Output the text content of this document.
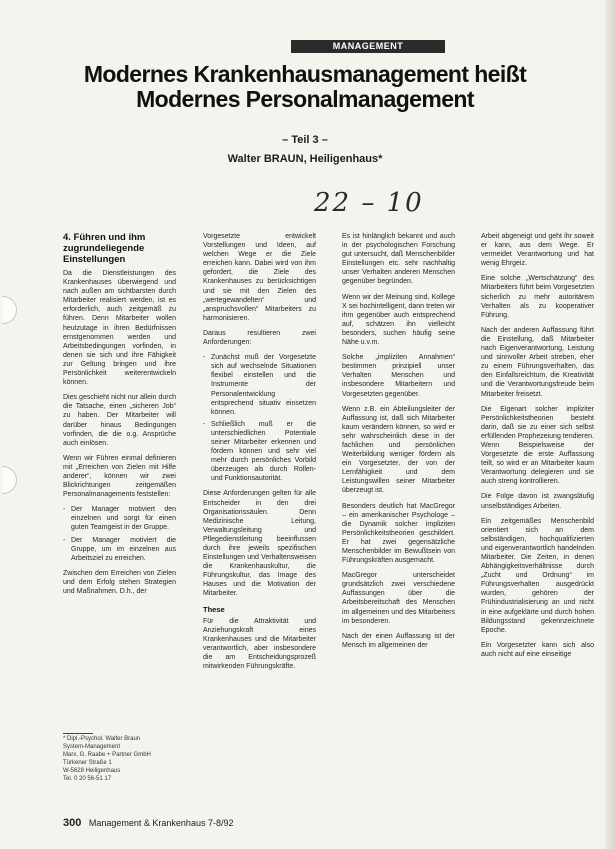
MANAGEMENT
Modernes Krankenhausmanagement heißt
Modernes Personalmanagement
– Teil 3 –
Walter BRAUN, Heiligenhaus*
22 – 10
4. Führen und ihm zugrundeliegende Einstellungen

Da die Dienstleistungen des Krankenhauses überwiegend und nach außen am sichtbarsten durch Mitarbeiter realisiert werden, ist es erforderlich, auch zeitgemäß zu führen. Denn Mitarbeiter wollen heutzutage in ihren Bedürfnissen ernstgenommen werden und Arbeitsbedingungen vorfinden, in denen sie sich und ihre Fähigkeit zur Geltung bringen und ihre Persönlichkeit weiterentwickeln können.

Dies geschieht nicht nur allein durch die Tatsache, einen „sicheren Job“ zu haben. Der Mitarbeiter will darüber hinaus Bedingungen vorfinden, die die o.g. Ansprüche auch einlösen.

Wenn wir Führen einmal definieren mit „Erreichen von Zielen mit Hilfe anderer“, können wir zwei Blickrichtungen zeitgemäßen Personalmanagements feststellen:

- Der Manager motiviert den einzelnen und sorgt für einen guten Teamgeist in der Gruppe.
- Der Manager motiviert die Gruppe, um im einzelnen aus Arbeitsziel zu erreichen.

Zwischen dem Erreichen von Zielen und dem Erfolg stehen Strategien und Maßnahmen. D.h., der

Vorgesetzte entwickelt Vorstellungen und Ideen, auf welchen Wege er die Ziele erreichen kann. Dabei wird von ihm gefordert, die Ziele des Krankenhauses zu berücksichtigen und sie mit den Zielen des „wertegewandelten“ und „anspruchsvollen“ Mitarbeiters zu harmonisieren.

Daraus resultieren zwei Anforderungen:

- Zunächst muß der Vorgesetzte sich auf wechselnde Situationen flexibel einstellen und die Instrumente der Personalentwicklung entsprechend situativ einsetzen können.
- Schließlich muß er die unterschiedlichen Potentiale seiner Mitarbeiter erkennen und fördern können und sehr viel mehr durch persönliches Vorbild überzeugen als durch Rollen- und Funktionsautorität.

Diese Anforderungen gelten für alle Entscheider in den drei Organisationssäulen. Denn Medizinische Leitung, Verwaltungsleitung und Pflegedienstleitung beeinflussen durch ihre jeweils spezifischen Einstellungen und Verhaltensweisen die Krankenhauskultur, die Führungskultur, das Image des Hauses und die Motivation der Mitarbeiter.

These

Für die Attraktivität und Anziehungskraft eines Krankenhauses und die Mitarbeiter verantwortlich, aber insbesondere die am Entscheidungsprozeß mitwirkenden Führungskräfte.

Es ist hinlänglich bekannt und auch in der psychologischen Forschung gut untersucht, daß Menschenbilder Einstellungen etc. sehr nachhaltig unser Verhalten anderen Menschen gegenüber begründen.

Wenn wir der Meinung sind, Kollege X sei hochintelligent, dann treten wir ihm gegenüber auch entsprechend auf, schätzen ihn vielleicht besonders, suchen häufig seine Nähe u.v.m.

Solche „impliziten Annahmen“ bestimmen prinzipiell unser Verhalten Menschen und insbesondere Mitarbeitern und Vorgesetzten gegenüber.

Wenn z.B. ein Abteilungsleiter der Auffassung ist, daß sich Mitarbeiter kaum verändern können, so wird er sehr wahrscheinlich diese in der fachlichen und persönlichen Weiterbildung weniger fördern als ein Vorgesetzter, der von der Lernfähigkeit und dem Leistungswillen seiner Mitarbeiter überzeugt ist.

Besonders deutlich hat MacGregor – ein amerikanischer Psychologe – die Dynamik solcher impliziten Persönlichkeitstheorien geschildert. Er hat zwei gegensätzliche Menschenbilder im Bewußtsein von Führungskräften ausgemacht.

MacGregor unterscheidet grundsätzlich zwei verschiedene Auffassungen über die Arbeitsbereitschaft des Menschen im allgemeinen und des Mitarbeiters im besonderen.

Nach der einen Auffassung ist der Mensch im allgemeinen der

Arbeit abgeneigt und geht ihr soweit er kann, aus dem Wege. Er vermeidet Verantwortung und hat wenig Ehrgeiz.

Eine solche „Wertschätzung“ des Mitarbeiters führt beim Vorgesetzten sicherlich zu mehr autoritärem Verhalten als zu kooperativer Führung.

Nach der anderen Auffassung führt die Einstellung, daß Mitarbeiter nach Eigenverantwortung, Leistung und sinnvoller Arbeit streben, eher zu einem Führungsverhalten, das den Einfallsreichtum, die Kreativität und die Verantwortungsfreude beim Mitarbeiter freisetzt.

Die Eigenart solcher impliziter Persönlichkeitstheorien besteht darin, daß sie zu einer sich selbst erfüllenden Prophezeiung tendieren. Wenn Beispielsweise der Vorgesetzte die erste Auffassung teilt, so wird er an Mitarbeiter kaum Verantwortung delegieren und sie auch streng kontrollieren.

Die Folge davon ist zwangsläufig unselbständiges Arbeiten.

Ein zeitgemäßes Menschenbild orientiert sich an dem selbständigen, hochqualifizierten und eigenverantwortlich handelnden Mitarbeiter. Die Zeiten, in denen Abhängigkeitsverhältnisse durch „Zucht und Ordnung“ im Führungsverhalten ausgedrückt wurden, gehören der Frühindustrialisierung an und nicht in eine aufgeklärte und durch hohen Bildungsstand gekennzeichnete Epoche.

Ein Vorgesetzter kann sich also auch nicht auf eine einseitige

* Dipl.-Psychol. Walter Braun
System-Management
Marx, G. Raabe + Partner GmbH
Türkener Straße 1
W-5628 Heiligenhaus
Tel. 0 20 56-51 17
300 Management & Krankenhaus 7-8/92
